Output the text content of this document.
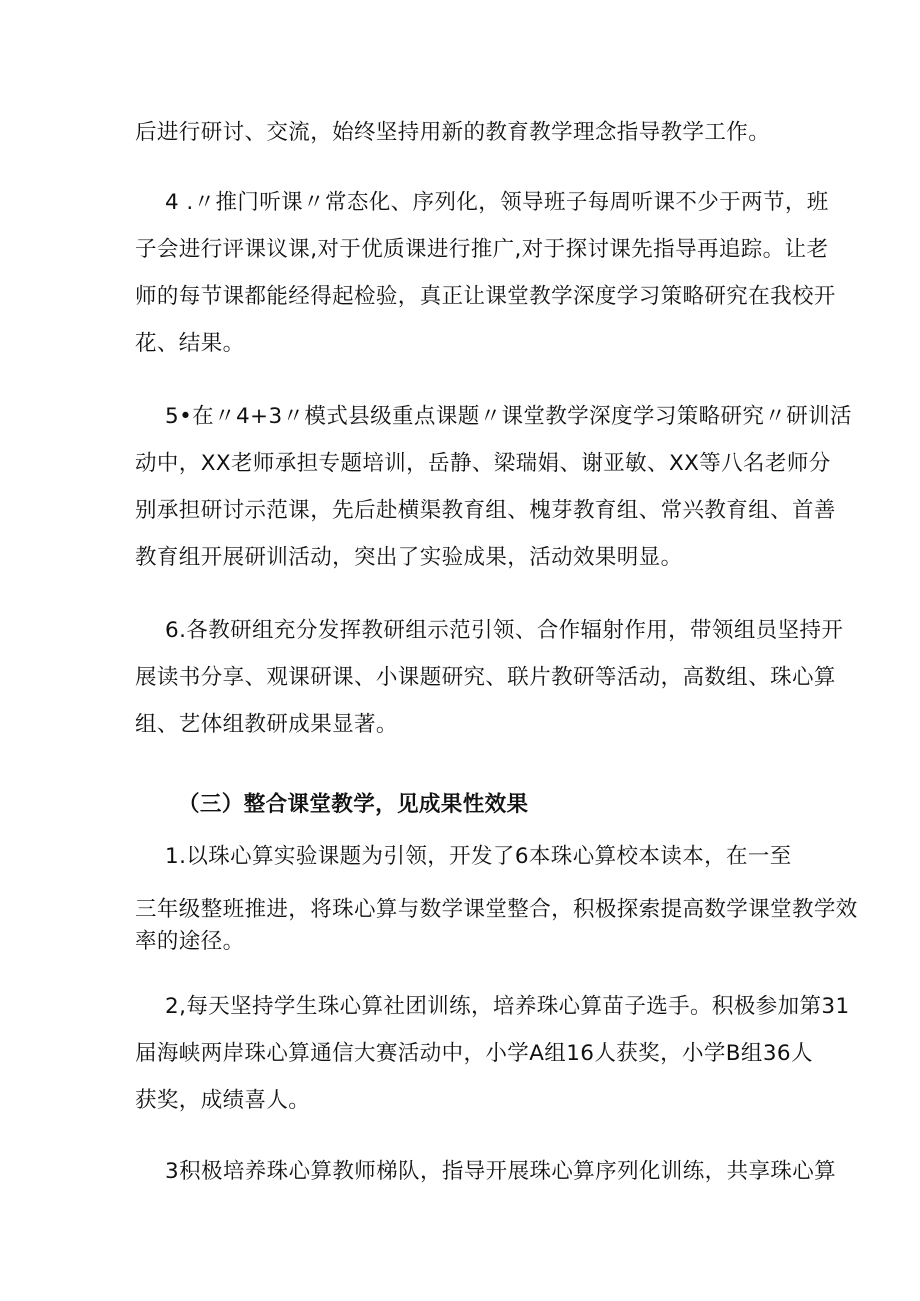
后进行研讨、交流，始终坚持用新的教育教学理念指导教学工作。
4 .〃推门听课〃常态化、序列化，领导班子每周听课不少于两节，班
子会进行评课议课,对于优质课进行推广,对于探讨课先指导再追踪。让老
师的每节课都能经得起检验，真正让课堂教学深度学习策略研究在我校开
花、结果。
5•在〃4+3〃模式县级重点课题〃课堂教学深度学习策略研究〃研训活
动中，XX老师承担专题培训，岳静、梁瑞娟、谢亚敏、XX等八名老师分
别承担研讨示范课，先后赴横渠教育组、槐芽教育组、常兴教育组、首善
教育组开展研训活动，突出了实验成果，活动效果明显。
6.各教研组充分发挥教研组示范引领、合作辐射作用，带领组员坚持开
展读书分享、观课研课、小课题研究、联片教研等活动，高数组、珠心算
组、艺体组教研成果显著。
（三）整合课堂教学，见成果性效果
1.以珠心算实验课题为引领，开发了6本珠心算校本读本，在一至
三年级整班推进，将珠心算与数学课堂整合，积极探索提高数学课堂教学效
率的途径。
2,每天坚持学生珠心算社团训练，培养珠心算苗子选手。积极参加第31
届海峡两岸珠心算通信大赛活动中，小学A组16人获奖，小学B组36人
获奖，成绩喜人。
3积极培养珠心算教师梯队，指导开展珠心算序列化训练，共享珠心算
